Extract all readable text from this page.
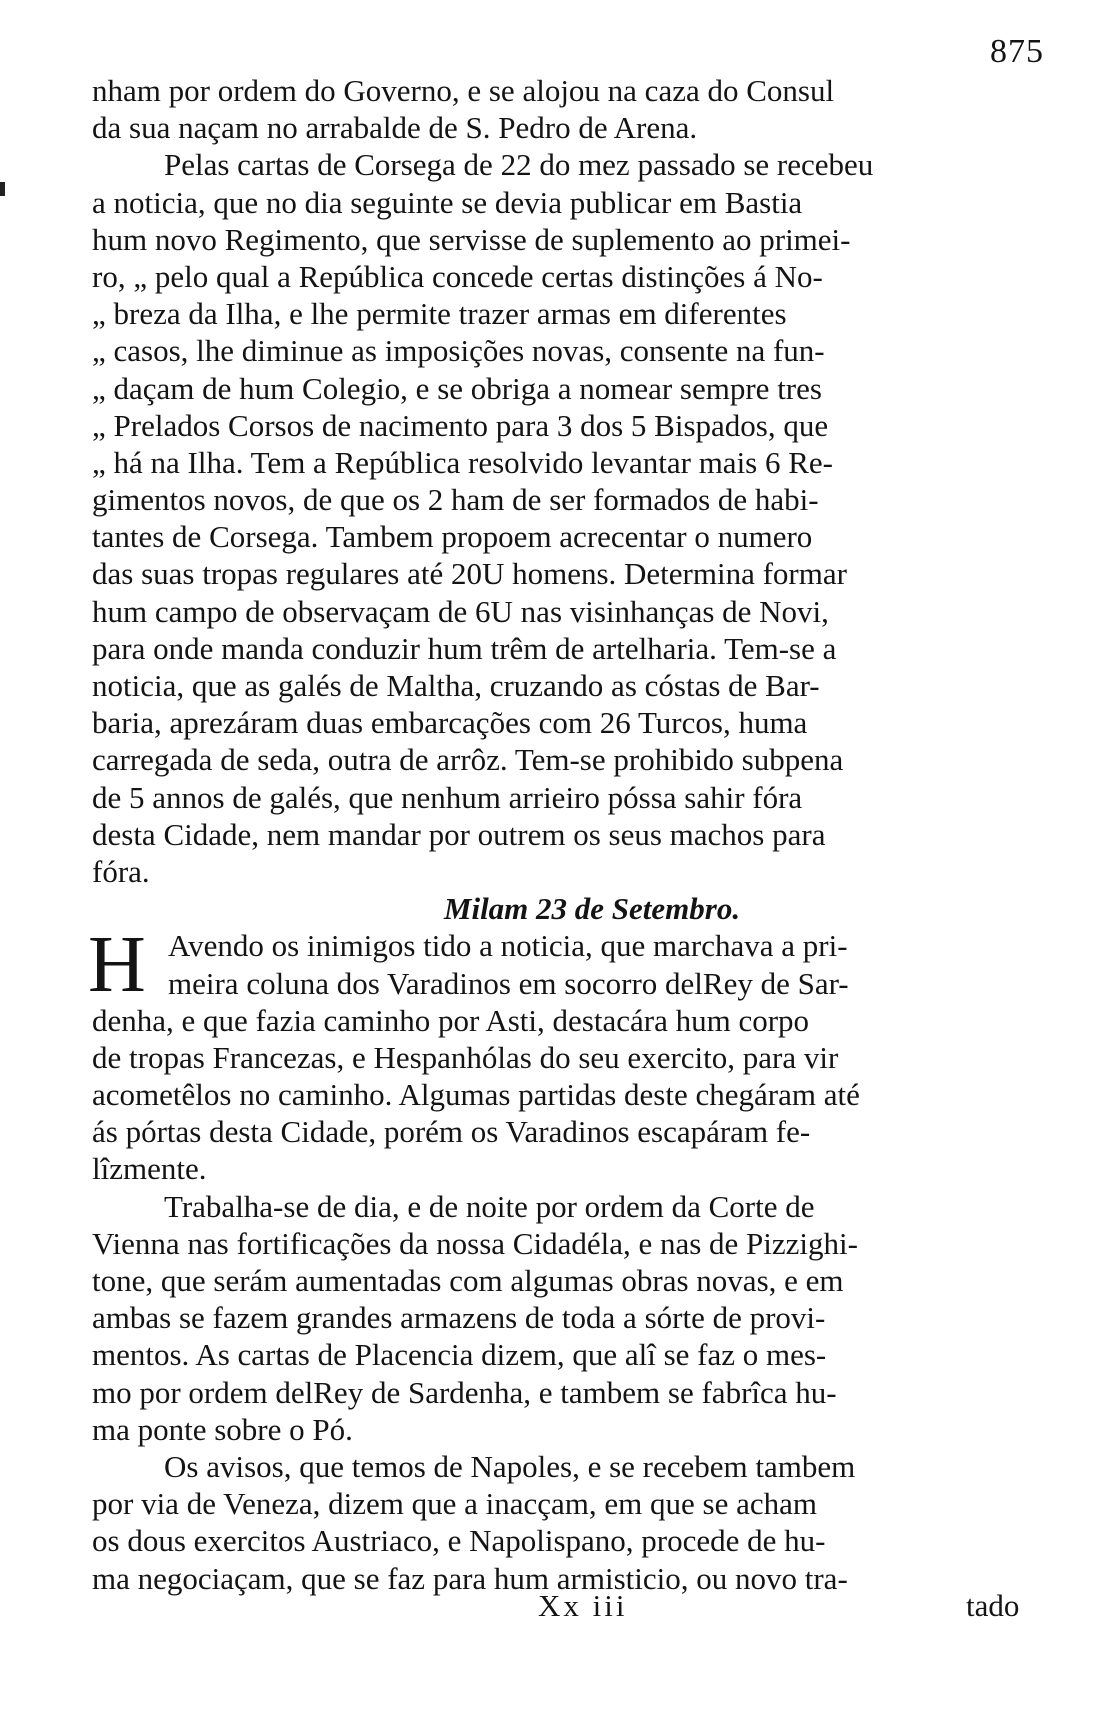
875
nham por ordem do Governo, e se alojou na caza do Consul
da sua naçam no arrabalde de S. Pedro de Arena.
Pelas cartas de Corsega de 22 do mez passado se recebeu
a noticia, que no dia seguinte se devia publicar em Bastia
hum novo Regimento, que servisse de suplemento ao primei-
ro, „ pelo qual a República concede certas distinções á No-
„ breza da Ilha, e lhe permite trazer armas em diferentes
„ casos, lhe diminue as imposições novas, consente na fun-
„ daçam de hum Colegio, e se obriga a nomear sempre tres
„ Prelados Corsos de nacimento para 3 dos 5 Bispados, que
„ há na Ilha. Tem a República resolvido levantar mais 6 Re-
gimentos novos, de que os 2 ham de ser formados de habi-
tantes de Corsega. Tambem propoem acrecentar o numero
das suas tropas regulares até 20U homens. Determina formar
hum campo de observaçam de 6U nas visinhanças de Novi,
para onde manda conduzir hum trêm de artelharia. Tem-se a
noticia, que as galés de Maltha, cruzando as cóstas de Bar-
baria, aprezáram duas embarcações com 26 Turcos, huma
carregada de seda, outra de arrôz. Tem-se prohibido subpena
de 5 annos de galés, que nenhum arrieiro póssa sahir fóra
desta Cidade, nem mandar por outrem os seus machos para
fóra.
Milam 23 de Setembro.
H Avendo os inimigos tido a noticia, que marchava a pri-
meira coluna dos Varadinos em socorro delRey de Sar-
denha, e que fazia caminho por Asti, destacára hum corpo
de tropas Francezas, e Hespanhólas do seu exercito, para vir
acometêlos no caminho. Algumas partidas deste chegáram até
ás pórtas desta Cidade, porém os Varadinos escapáram fe-
lîzmente.
Trabalha-se de dia, e de noite por ordem da Corte de
Vienna nas fortificações da nossa Cidadéla, e nas de Pizzighi-
tone, que serám aumentadas com algumas obras novas, e em
ambas se fazem grandes armazens de toda a sórte de provi-
mentos. As cartas de Placencia dizem, que alî se faz o mes-
mo por ordem delRey de Sardenha, e tambem se fabrîca hu-
ma ponte sobre o Pó.
Os avisos, que temos de Napoles, e se recebem tambem
por via de Veneza, dizem que a inacçam, em que se acham
os dous exercitos Austriaco, e Napolispano, procede de hu-
ma negociaçam, que se faz para hum armisticio, ou novo tra-
Xx iii	tado
